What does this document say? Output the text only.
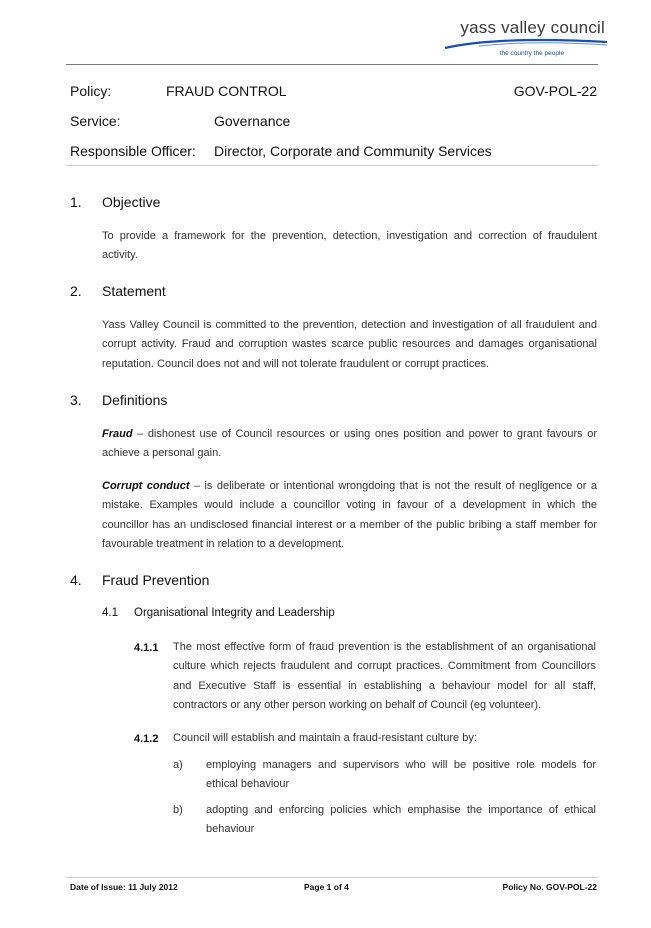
yass valley council
the country the people
Policy:	FRAUD CONTROL	GOV-POL-22
Service:	Governance
Responsible Officer: Director, Corporate and Community Services
1. Objective
To provide a framework for the prevention, detection, investigation and correction of fraudulent activity.
2. Statement
Yass Valley Council is committed to the prevention, detection and investigation of all fraudulent and corrupt activity. Fraud and corruption wastes scarce public resources and damages organisational reputation. Council does not and will not tolerate fraudulent or corrupt practices.
3. Definitions
Fraud – dishonest use of Council resources or using ones position and power to grant favours or achieve a personal gain.
Corrupt conduct – is deliberate or intentional wrongdoing that is not the result of negligence or a mistake. Examples would include a councillor voting in favour of a development in which the councillor has an undisclosed financial interest or a member of the public bribing a staff member for favourable treatment in relation to a development.
4. Fraud Prevention
4.1 Organisational Integrity and Leadership
4.1.1 The most effective form of fraud prevention is the establishment of an organisational culture which rejects fraudulent and corrupt practices. Commitment from Councillors and Executive Staff is essential in establishing a behaviour model for all staff, contractors or any other person working on behalf of Council (eg volunteer).
4.1.2 Council will establish and maintain a fraud-resistant culture by:
a) employing managers and supervisors who will be positive role models for ethical behaviour
b) adopting and enforcing policies which emphasise the importance of ethical behaviour
Date of Issue: 11 July 2012	Page 1 of 4	Policy No. GOV-POL-22
